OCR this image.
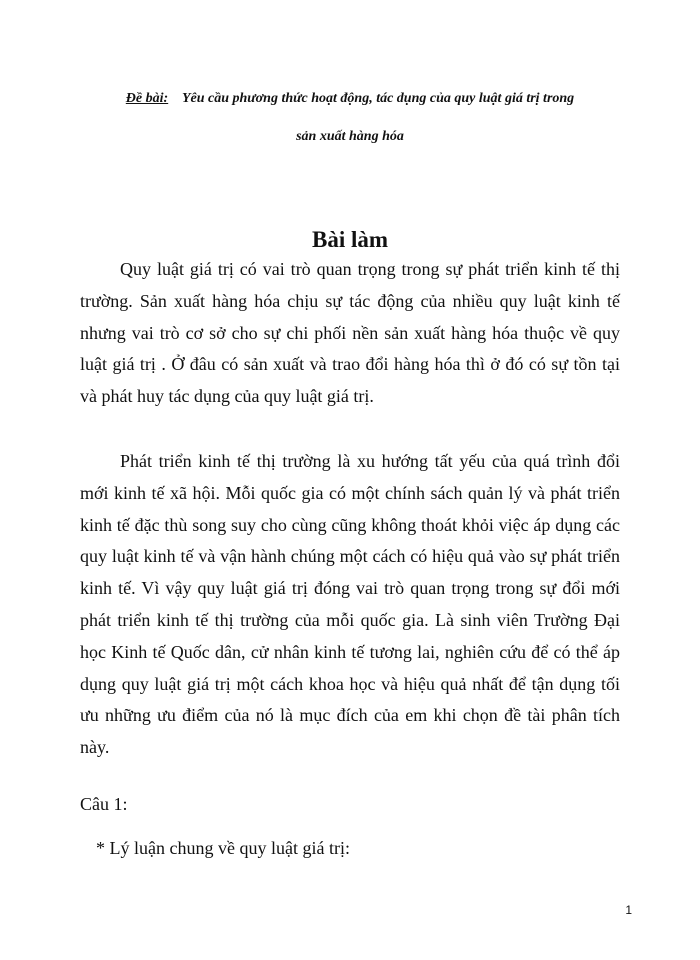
Đề bài: Yêu cầu phương thức hoạt động, tác dụng của quy luật giá trị trong
sản xuất hàng hóa
Bài làm

Quy luật giá trị có vai trò quan trọng trong sự phát triển kinh tế thị trường. Sản xuất hàng hóa chịu sự tác động của nhiều quy luật kinh tế nhưng vai trò cơ sở cho sự chi phối nền sản xuất hàng hóa thuộc về quy luật giá trị . Ở đâu có sản xuất và trao đổi hàng hóa thì ở đó có sự tồn tại và phát huy tác dụng của quy luật giá trị.

Phát triển kinh tế thị trường là xu hướng tất yếu của quá trình đổi mới kinh tế xã hội. Mỗi quốc gia có một chính sách quản lý và phát triển kinh tế đặc thù song suy cho cùng cũng không thoát khỏi việc áp dụng các quy luật kinh tế và vận hành chúng một cách có hiệu quả vào sự phát triển kinh tế. Vì vậy quy luật giá trị đóng vai trò quan trọng trong sự đổi mới phát triển kinh tế thị trường của mỗi quốc gia. Là sinh viên Trường Đại học Kinh tế Quốc dân, cử nhân kinh tế tương lai, nghiên cứu để có thể áp dụng quy luật giá trị một cách khoa học và hiệu quả nhất để tận dụng tối ưu những ưu điểm của nó là mục đích của em khi chọn đề tài phân tích này.

Câu 1:
* Lý luận chung về quy luật giá trị:
1
